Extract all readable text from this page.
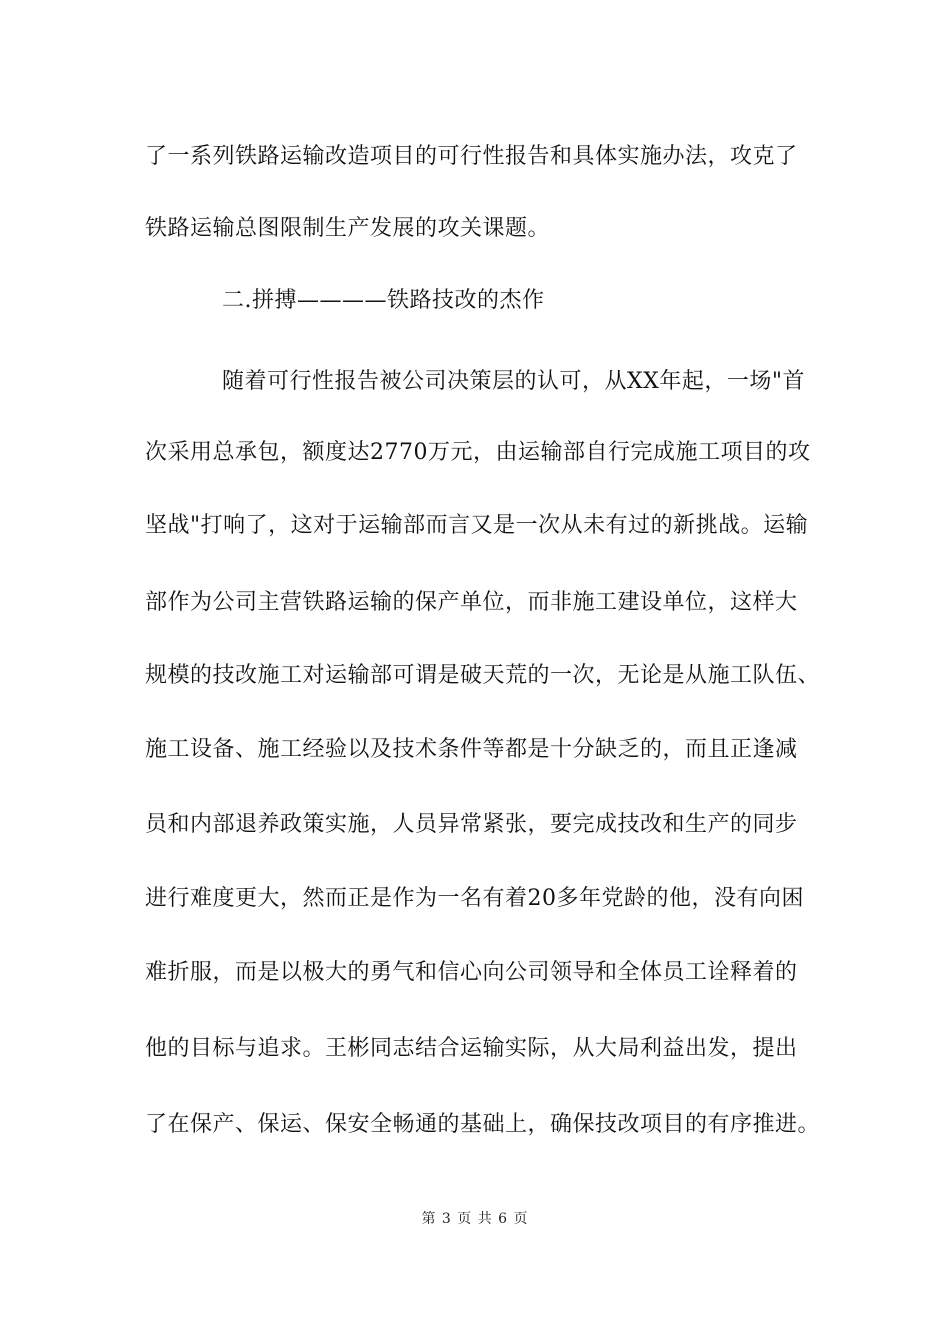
了一系列铁路运输改造项目的可行性报告和具体实施办法，攻克了
铁路运输总图限制生产发展的攻关课题。
二.拼搏————铁路技改的杰作
随着可行性报告被公司决策层的认可，从XX年起，一场"首
次采用总承包，额度达2770万元，由运输部自行完成施工项目的攻
坚战"打响了，这对于运输部而言又是一次从未有过的新挑战。运输
部作为公司主营铁路运输的保产单位，而非施工建设单位，这样大
规模的技改施工对运输部可谓是破天荒的一次，无论是从施工队伍、
施工设备、施工经验以及技术条件等都是十分缺乏的，而且正逢减
员和内部退养政策实施，人员异常紧张，要完成技改和生产的同步
进行难度更大，然而正是作为一名有着20多年党龄的他，没有向困
难折服，而是以极大的勇气和信心向公司领导和全体员工诠释着的
他的目标与追求。王彬同志结合运输实际，从大局利益出发，提出
了在保产、保运、保安全畅通的基础上，确保技改项目的有序推进。
第 3 页 共 6 页
